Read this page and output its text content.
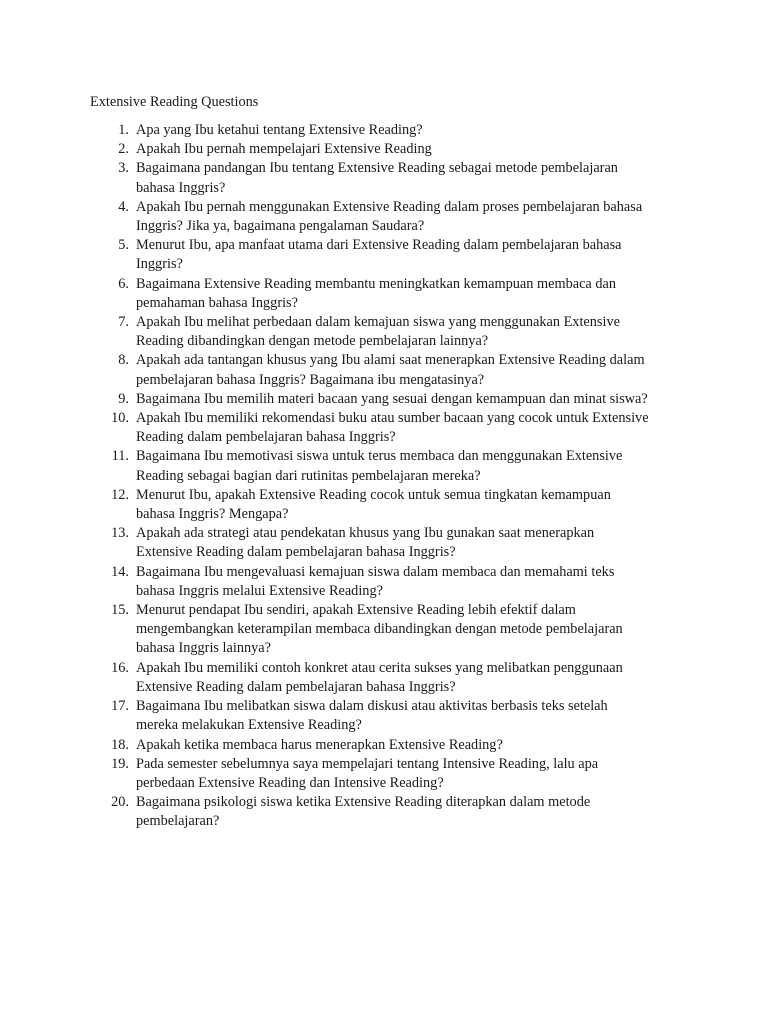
Extensive Reading Questions
1. Apa yang Ibu ketahui tentang Extensive Reading?
2. Apakah Ibu pernah mempelajari Extensive Reading
3. Bagaimana pandangan Ibu tentang Extensive Reading sebagai metode pembelajaran
bahasa Inggris?
4. Apakah Ibu pernah menggunakan Extensive Reading dalam proses pembelajaran bahasa
Inggris? Jika ya, bagaimana pengalaman Saudara?
5. Menurut Ibu, apa manfaat utama dari Extensive Reading dalam pembelajaran bahasa
Inggris?
6. Bagaimana Extensive Reading membantu meningkatkan kemampuan membaca dan
pemahaman bahasa Inggris?
7. Apakah Ibu melihat perbedaan dalam kemajuan siswa yang menggunakan Extensive
Reading dibandingkan dengan metode pembelajaran lainnya?
8. Apakah ada tantangan khusus yang Ibu alami saat menerapkan Extensive Reading dalam
pembelajaran bahasa Inggris? Bagaimana ibu mengatasinya?
9. Bagaimana Ibu memilih materi bacaan yang sesuai dengan kemampuan dan minat siswa?
10. Apakah Ibu memiliki rekomendasi buku atau sumber bacaan yang cocok untuk Extensive
Reading dalam pembelajaran bahasa Inggris?
11. Bagaimana Ibu memotivasi siswa untuk terus membaca dan menggunakan Extensive
Reading sebagai bagian dari rutinitas pembelajaran mereka?
12. Menurut Ibu, apakah Extensive Reading cocok untuk semua tingkatan kemampuan
bahasa Inggris? Mengapa?
13. Apakah ada strategi atau pendekatan khusus yang Ibu gunakan saat menerapkan
Extensive Reading dalam pembelajaran bahasa Inggris?
14. Bagaimana Ibu mengevaluasi kemajuan siswa dalam membaca dan memahami teks
bahasa Inggris melalui Extensive Reading?
15. Menurut pendapat Ibu sendiri, apakah Extensive Reading lebih efektif dalam
mengembangkan keterampilan membaca dibandingkan dengan metode pembelajaran
bahasa Inggris lainnya?
16. Apakah Ibu memiliki contoh konkret atau cerita sukses yang melibatkan penggunaan
Extensive Reading dalam pembelajaran bahasa Inggris?
17. Bagaimana Ibu melibatkan siswa dalam diskusi atau aktivitas berbasis teks setelah
mereka melakukan Extensive Reading?
18. Apakah ketika membaca harus menerapkan Extensive Reading?
19. Pada semester sebelumnya saya mempelajari tentang Intensive Reading, lalu apa
perbedaan Extensive Reading dan Intensive Reading?
20. Bagaimana psikologi siswa ketika Extensive Reading diterapkan dalam metode
pembelajaran?
